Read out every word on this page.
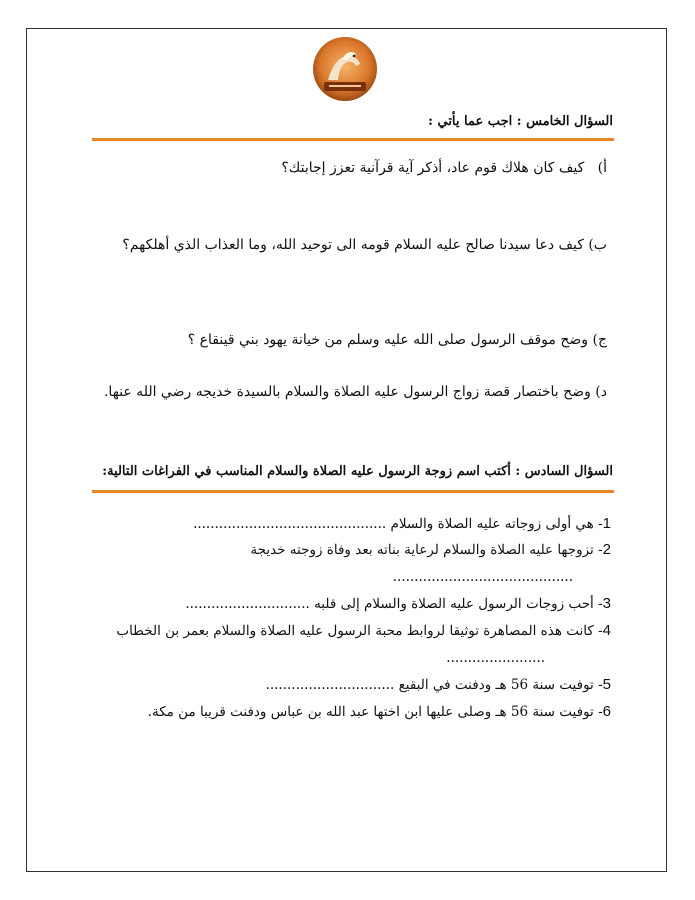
السؤال الخامس : اجب عما يأتي :
أ)   كيف كان هلاك قوم عاد، أذكر آية قرآنية تعزز إجابتك؟
ب) كيف دعا سيدنا صالح عليه السلام قومه الى توحيد الله، وما العذاب الذي أهلكهم؟
ج) وضح موقف الرسول صلى الله عليه وسلم من خيانة يهود بني قينقاع ؟
د) وضح باختصار قصة زواج الرسول عليه الصلاة والسلام بالسيدة خديجه رضي الله عنها.
السؤال السادس : أكتب اسم زوجة الرسول عليه الصلاة والسلام المناسب في الفراغات التالية:
1- هي أولى زوجاته عليه الصلاة والسلام .............................................
2- تزوجها عليه الصلاة والسلام لرعاية بناته بعد وفاة زوجته خديجة
..........................................
3- أحب زوجات الرسول عليه الصلاة والسلام إلى قلبه .............................
4- كانت هذه المصاهرة توثيقا لروابط محبة الرسول عليه الصلاة والسلام بعمر بن الخطاب
.......................
5- توفيت سنة 56 هـ ودفنت في البقيع ..............................
6- توفيت سنة 56 هـ وصلى عليها ابن اختها عبد الله بن عباس ودفنت قريبا من مكة.
